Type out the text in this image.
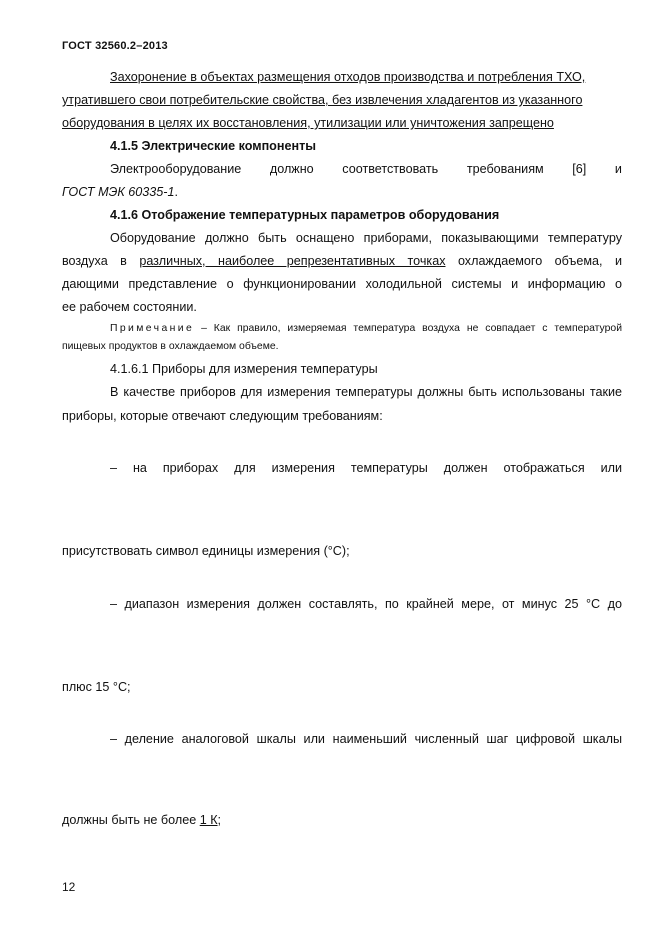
ГОСТ 32560.2–2013
Захоронение в объектах размещения отходов производства и потребления ТХО,
утратившего свои потребительские свойства, без извлечения хладагентов из указанного
оборудования в целях их восстановления, утилизации или уничтожения запрещено
4.1.5 Электрические компоненты
Электрооборудование должно соответствовать требованиям [6] и
ГОСТ МЭК 60335-1.
4.1.6 Отображение температурных параметров оборудования
Оборудование должно быть оснащено приборами, показывающими температуру
воздуха в различных, наиболее репрезентативных точках охлаждаемого объема, и
дающими представление о функционировании холодильной системы и информацию о
ее рабочем состоянии.
Примечание – Как правило, измеряемая температура воздуха не совпадает с температурой пищевых продуктов в охлаждаемом объеме.
4.1.6.1 Приборы для измерения температуры
В качестве приборов для измерения температуры должны быть использованы такие приборы, которые отвечают следующим требованиям:
– на приборах для измерения температуры должен отображаться или
присутствовать символ единицы измерения (°C);
– диапазон измерения должен составлять, по крайней мере, от минус 25 °C до
плюс 15 °C;
– деление аналоговой шкалы или наименьший численный шаг цифровой шкалы
должны быть не более 1 К;
12
